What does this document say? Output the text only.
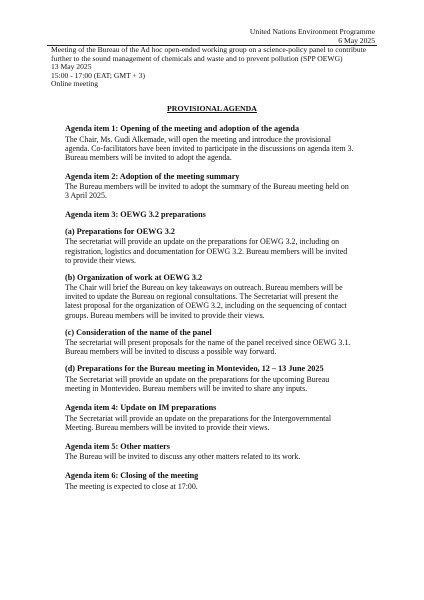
United Nations Environment Programme
6 May 2025
Meeting of the Bureau of the Ad hoc open-ended working group on a science-policy panel to contribute
further to the sound management of chemicals and waste and to prevent pollution (SPP OEWG)
13 May 2025
15:00 - 17:00 (EAT; GMT + 3)
Online meeting
PROVISIONAL AGENDA
Agenda item 1: Opening of the meeting and adoption of the agenda
The Chair, Ms. Gudi Alkemade, will open the meeting and introduce the provisional
agenda. Co-facilitators have been invited to participate in the discussions on agenda item 3.
Bureau members will be invited to adopt the agenda.
Agenda item 2: Adoption of the meeting summary
The Bureau members will be invited to adopt the summary of the Bureau meeting held on
3 April 2025.
Agenda item 3: OEWG 3.2 preparations
(a) Preparations for OEWG 3.2
The secretariat will provide an update on the preparations for OEWG 3.2, including on
registration, logistics and documentation for OEWG 3.2. Bureau members will be invited
to provide their views.
(b) Organization of work at OEWG 3.2
The Chair will brief the Bureau on key takeaways on outreach. Bureau members will be
invited to update the Bureau on regional consultations. The Secretariat will present the
latest proposal for the organization of OEWG 3.2, including on the sequencing of contact
groups. Bureau members will be invited to provide their views.
(c) Consideration of the name of the panel
The secretariat will present proposals for the name of the panel received since OEWG 3.1.
Bureau members will be invited to discuss a possible way forward.
(d) Preparations for the Bureau meeting in Montevideo, 12 – 13 June 2025
The Secretariat will provide an update on the preparations for the upcoming Bureau
meeting in Montevideo. Bureau members will be invited to share any inputs.
Agenda item 4: Update on IM preparations
The Secretariat will provide an update on the preparations for the Intergovernmental
Meeting. Bureau members will be invited to provide their views.
Agenda item 5: Other matters
The Bureau will be invited to discuss any other matters related to its work.
Agenda item 6: Closing of the meeting
The meeting is expected to close at 17:00.
